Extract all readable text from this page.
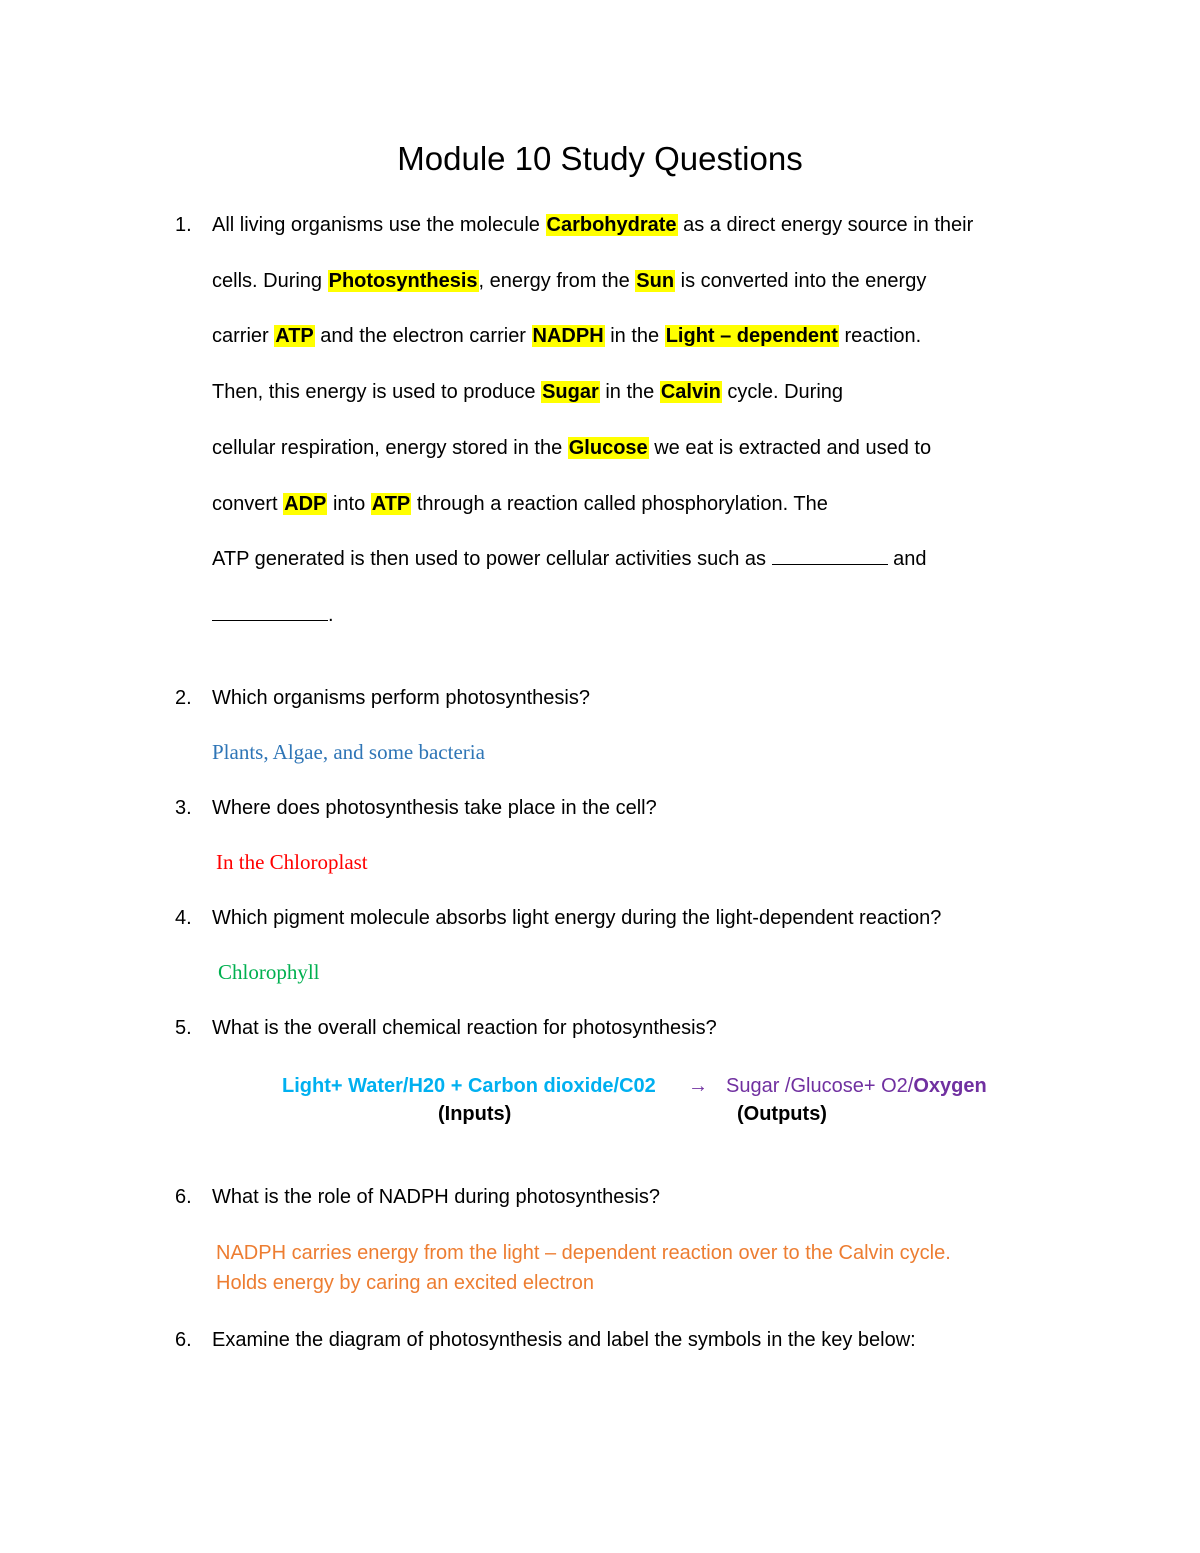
Module 10 Study Questions
1. All living organisms use the molecule Carbohydrate as a direct energy source in their
cells. During Photosynthesis, energy from the Sun is converted into the energy
carrier ATP and the electron carrier NADPH in the Light – dependent reaction.
Then, this energy is used to produce Sugar in the Calvin cycle. During
cellular respiration, energy stored in the Glucose we eat is extracted and used to
convert ADP into ATP through a reaction called phosphorylation. The
ATP generated is then used to power cellular activities such as	and
.
2. Which organisms perform photosynthesis?
Plants, Algae, and some bacteria
3. Where does photosynthesis take place in the cell?
In the Chloroplast
4. Which pigment molecule absorbs light energy during the light-dependent reaction?
Chlorophyll
5. What is the overall chemical reaction for photosynthesis?
Light+ Water/H20 + Carbon dioxide/C02 → Sugar /Glucose+ O2/Oxygen
(Inputs)	(Outputs)
6. What is the role of NADPH during photosynthesis?
NADPH carries energy from the light – dependent reaction over to the Calvin cycle.
Holds energy by caring an excited electron
6. Examine the diagram of photosynthesis and label the symbols in the key below:
